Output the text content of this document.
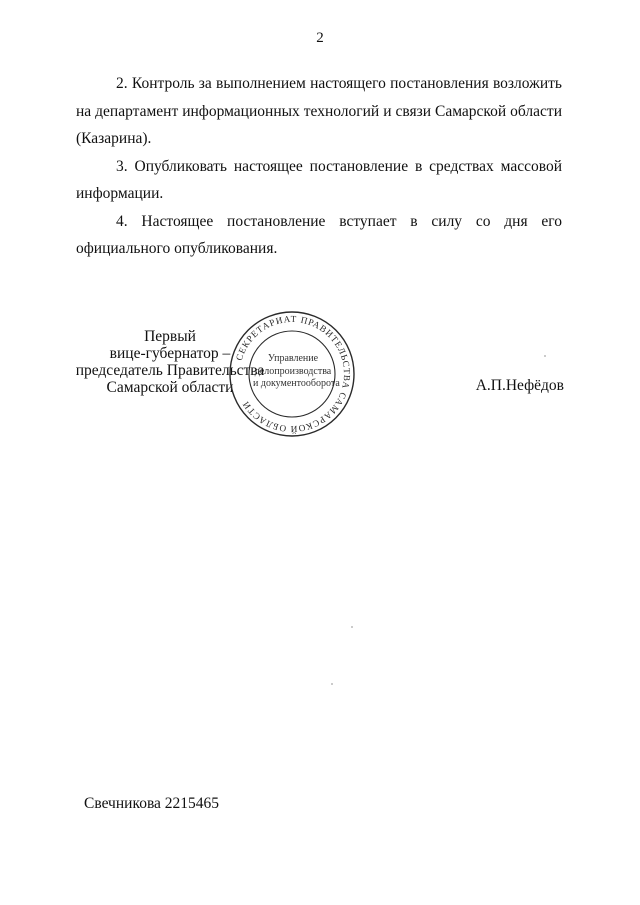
2

2. Контроль за выполнением настоящего постановления возложить на департамент информационных технологий и связи Самарской области (Казарина).

3. Опубликовать настоящее постановление в средствах массовой информации.

4. Настоящее постановление вступает в силу со дня его официального опубликования.

Первый
вице-губернатор –
председатель Правительства
Самарской области
СЕКРЕТАРИАТ ПРАВИТЕЛЬСТВА САМАРСКОЙ ОБЛАСТИ
Управление
делопроизводства
и документооборота	А.П.Нефёдов
Свечникова 2215465
